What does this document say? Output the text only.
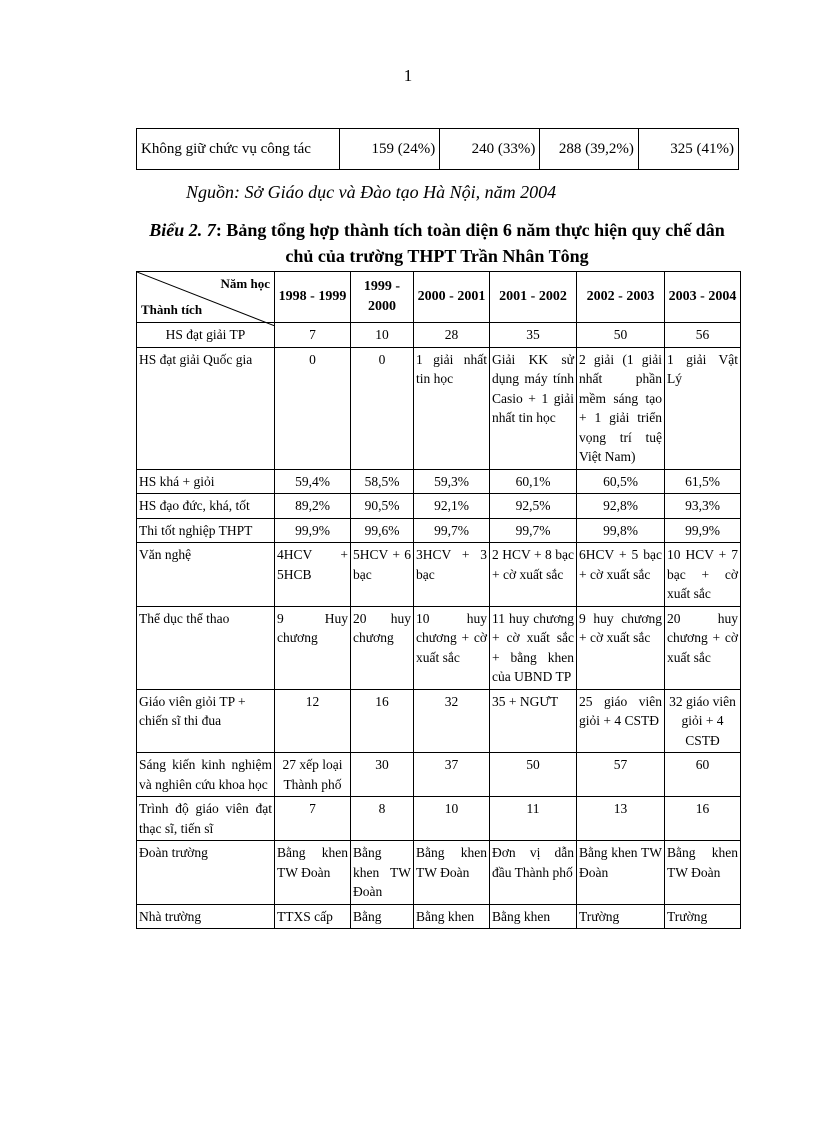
1
Không giữ chức vụ công tác	159 (24%)	240 (33%)	288 (39,2%)	325 (41%)
Nguồn: Sở Giáo dục và Đào tạo Hà Nội, năm 2004
Biểu 2. 7: Bảng tổng hợp thành tích toàn diện 6 năm thực hiện quy chế dân chủ của trường THPT Trần Nhân Tông
Năm học
Thành tích	1998 - 1999	1999 - 2000	2000 - 2001	2001 - 2002	2002 - 2003	2003 - 2004
HS đạt giải TP	7	10	28	35	50	56
HS đạt giải Quốc gia	0	0	1 giải nhất tin học	Giải KK sử dụng máy tính Casio + 1 giải nhất tin học	2 giải (1 giải nhất phần mềm sáng tạo + 1 giải triển vọng trí tuệ Việt Nam)	1 giải Vật Lý
HS khá + giỏi	59,4%	58,5%	59,3%	60,1%	60,5%	61,5%
HS đạo đức, khá, tốt	89,2%	90,5%	92,1%	92,5%	92,8%	93,3%
Thi tốt nghiệp THPT	99,9%	99,6%	99,7%	99,7%	99,8%	99,9%
Văn nghệ	4HCV + 5HCB	5HCV + 6 bạc	3HCV + 3 bạc	2 HCV + 8 bạc + cờ xuất sắc	6HCV + 5 bạc + cờ xuất sắc	10 HCV + 7 bạc + cờ xuất sắc
Thể dục thể thao	9 Huy chương	20 huy chương	10 huy chương + cờ xuất sắc	11 huy chương + cờ xuất sắc + bằng khen của UBND TP	9 huy chương + cờ xuất sắc	20 huy chương + cờ xuất sắc
Giáo viên giỏi TP + chiến sĩ thi đua	12	16	32	35 + NGƯT	25 giáo viên giỏi + 4 CSTĐ	32 giáo viên giỏi + 4 CSTĐ
Sáng kiến kinh nghiệm và nghiên cứu khoa học	27 xếp loại Thành phố	30	37	50	57	60
Trình độ giáo viên đạt thạc sĩ, tiến sĩ	7	8	10	11	13	16
Đoàn trường	Bằng khen TW Đoàn	Bằng khen TW Đoàn	Bằng khen TW Đoàn	Đơn vị dẫn đầu Thành phố	Bằng khen TW Đoàn	Bằng khen TW Đoàn
Nhà trường	TTXS cấp	Bằng	Bằng khen	Bằng khen	Trường	Trường
